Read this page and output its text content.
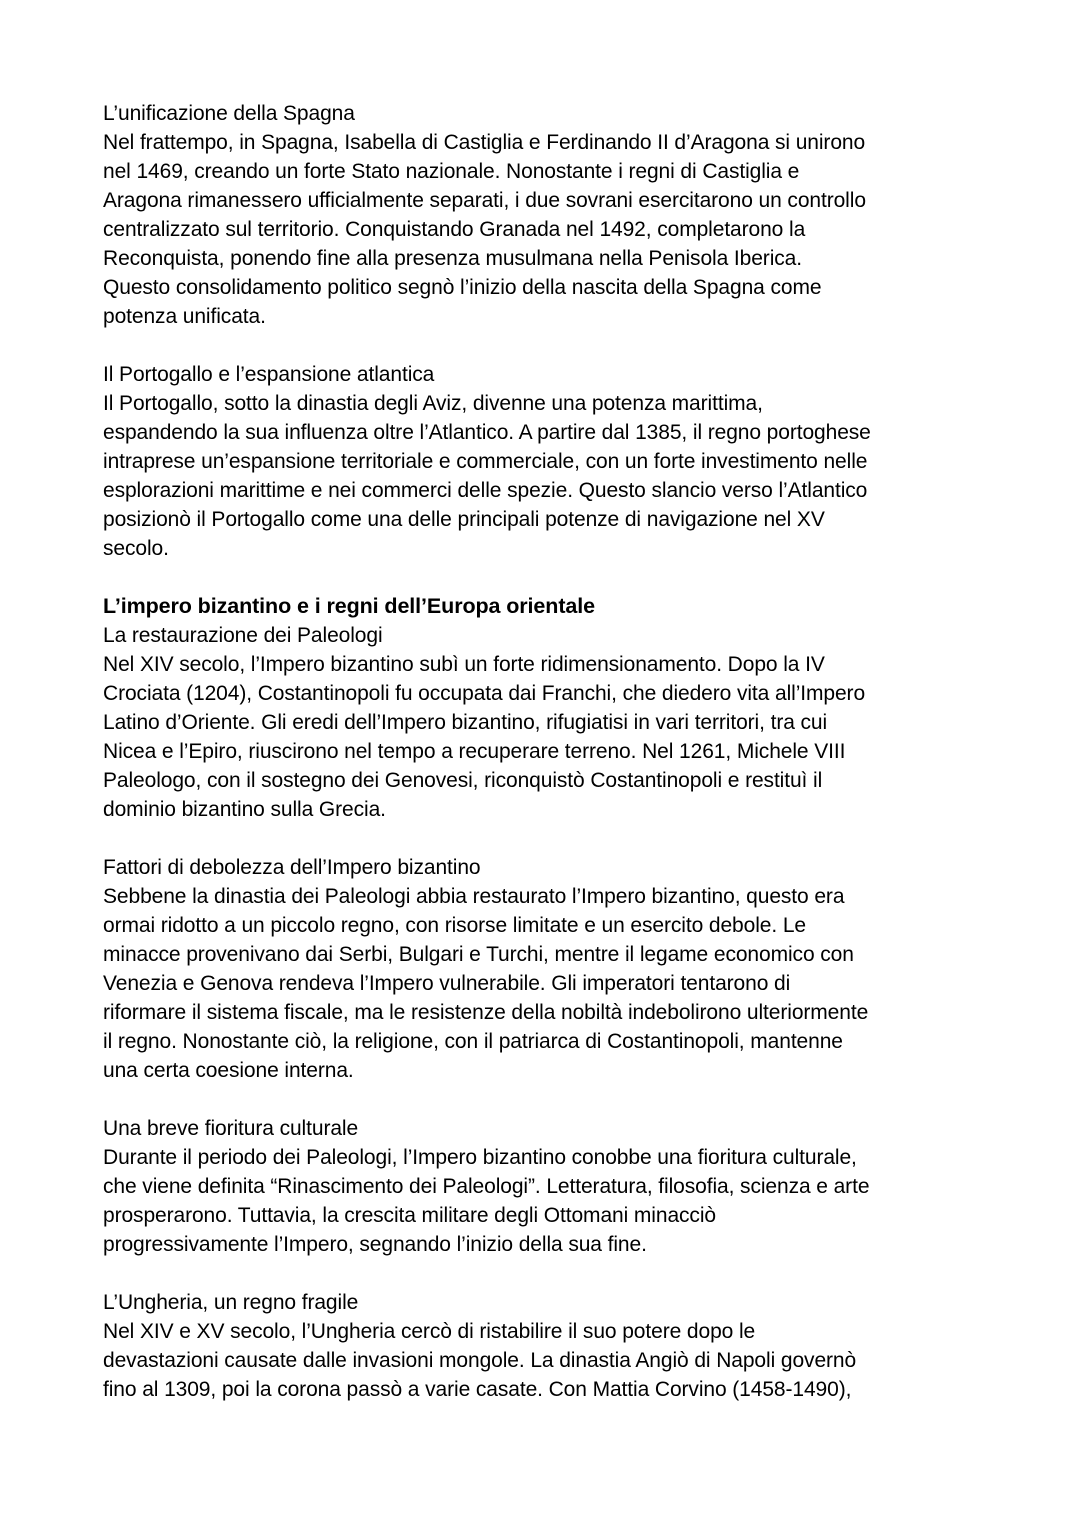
L’unificazione della Spagna
Nel frattempo, in Spagna, Isabella di Castiglia e Ferdinando II d’Aragona si unirono
nel 1469, creando un forte Stato nazionale. Nonostante i regni di Castiglia e
Aragona rimanessero ufficialmente separati, i due sovrani esercitarono un controllo
centralizzato sul territorio. Conquistando Granada nel 1492, completarono la
Reconquista, ponendo fine alla presenza musulmana nella Penisola Iberica.
Questo consolidamento politico segnò l’inizio della nascita della Spagna come
potenza unificata.
Il Portogallo e l’espansione atlantica
Il Portogallo, sotto la dinastia degli Aviz, divenne una potenza marittima,
espandendo la sua influenza oltre l’Atlantico. A partire dal 1385, il regno portoghese
intraprese un’espansione territoriale e commerciale, con un forte investimento nelle
esplorazioni marittime e nei commerci delle spezie. Questo slancio verso l’Atlantico
posizionò il Portogallo come una delle principali potenze di navigazione nel XV
secolo.
L’impero bizantino e i regni dell’Europa orientale
La restaurazione dei Paleologi
Nel XIV secolo, l’Impero bizantino subì un forte ridimensionamento. Dopo la IV
Crociata (1204), Costantinopoli fu occupata dai Franchi, che diedero vita all’Impero
Latino d’Oriente. Gli eredi dell’Impero bizantino, rifugiatisi in vari territori, tra cui
Nicea e l’Epiro, riuscirono nel tempo a recuperare terreno. Nel 1261, Michele VIII
Paleologo, con il sostegno dei Genovesi, riconquistò Costantinopoli e restituì il
dominio bizantino sulla Grecia.
Fattori di debolezza dell’Impero bizantino
Sebbene la dinastia dei Paleologi abbia restaurato l’Impero bizantino, questo era
ormai ridotto a un piccolo regno, con risorse limitate e un esercito debole. Le
minacce provenivano dai Serbi, Bulgari e Turchi, mentre il legame economico con
Venezia e Genova rendeva l’Impero vulnerabile. Gli imperatori tentarono di
riformare il sistema fiscale, ma le resistenze della nobiltà indebolirono ulteriormente
il regno. Nonostante ciò, la religione, con il patriarca di Costantinopoli, mantenne
una certa coesione interna.
Una breve fioritura culturale
Durante il periodo dei Paleologi, l’Impero bizantino conobbe una fioritura culturale,
che viene definita “Rinascimento dei Paleologi”. Letteratura, filosofia, scienza e arte
prosperarono. Tuttavia, la crescita militare degli Ottomani minacciò
progressivamente l’Impero, segnando l’inizio della sua fine.
L’Ungheria, un regno fragile
Nel XIV e XV secolo, l’Ungheria cercò di ristabilire il suo potere dopo le
devastazioni causate dalle invasioni mongole. La dinastia Angiò di Napoli governò
fino al 1309, poi la corona passò a varie casate. Con Mattia Corvino (1458-1490),
